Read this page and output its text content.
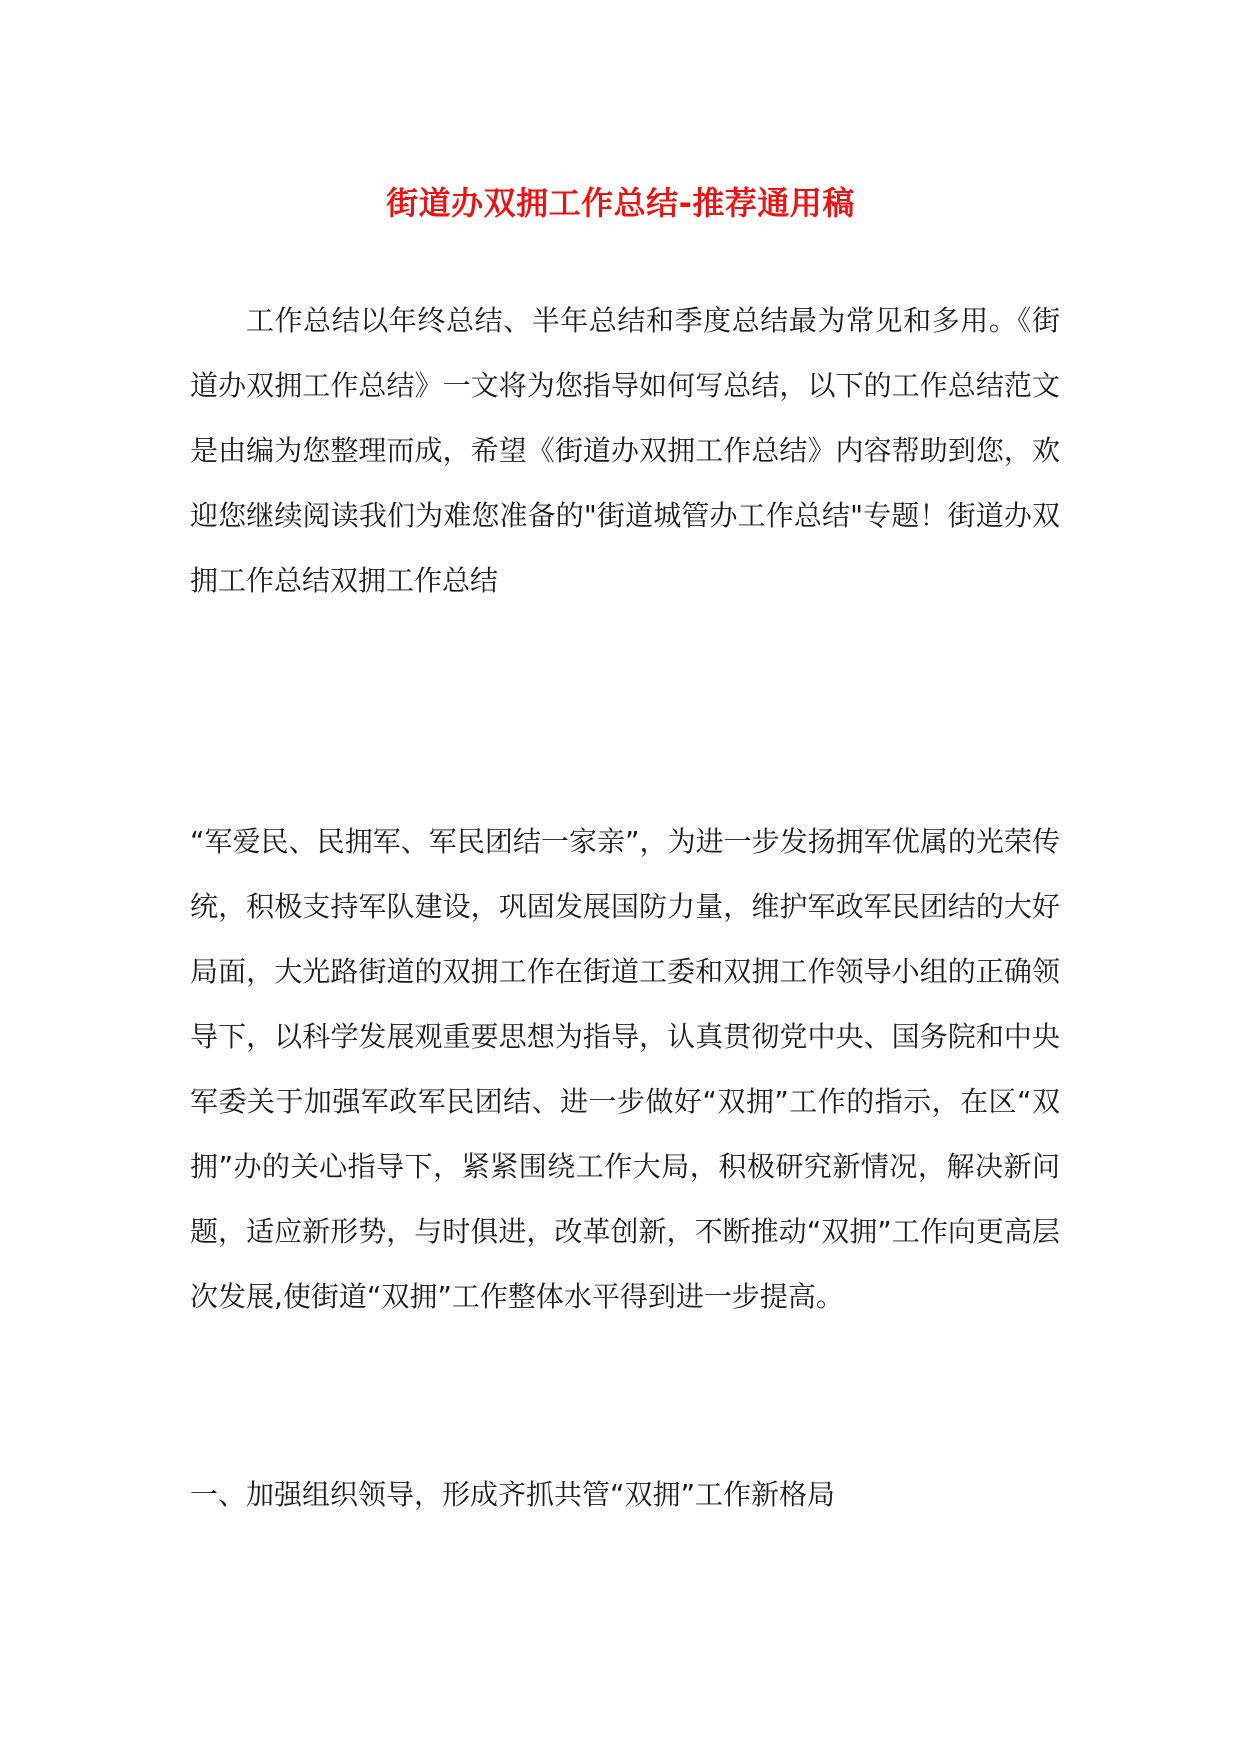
街道办双拥工作总结-推荐通用稿

工作总结以年终总结、半年总结和季度总结最为常见和多用。《街道办双拥工作总结》一文将为您指导如何写总结，以下的工作总结范文是由编为您整理而成，希望《街道办双拥工作总结》内容帮助到您，欢迎您继续阅读我们为难您准备的"街道城管办工作总结"专题！街道办双拥工作总结双拥工作总结

“军爱民、民拥军、军民团结一家亲”，为进一步发扬拥军优属的光荣传统，积极支持军队建设，巩固发展国防力量，维护军政军民团结的大好局面，大光路街道的双拥工作在街道工委和双拥工作领导小组的正确领导下，以科学发展观重要思想为指导，认真贯彻党中央、国务院和中央军委关于加强军政军民团结、进一步做好“双拥”工作的指示，在区“双拥”办的关心指导下，紧紧围绕工作大局，积极研究新情况，解决新问题，适应新形势，与时俱进，改革创新，不断推动“双拥”工作向更高层次发展,使街道“双拥”工作整体水平得到进一步提高。

一、加强组织领导，形成齐抓共管“双拥”工作新格局
